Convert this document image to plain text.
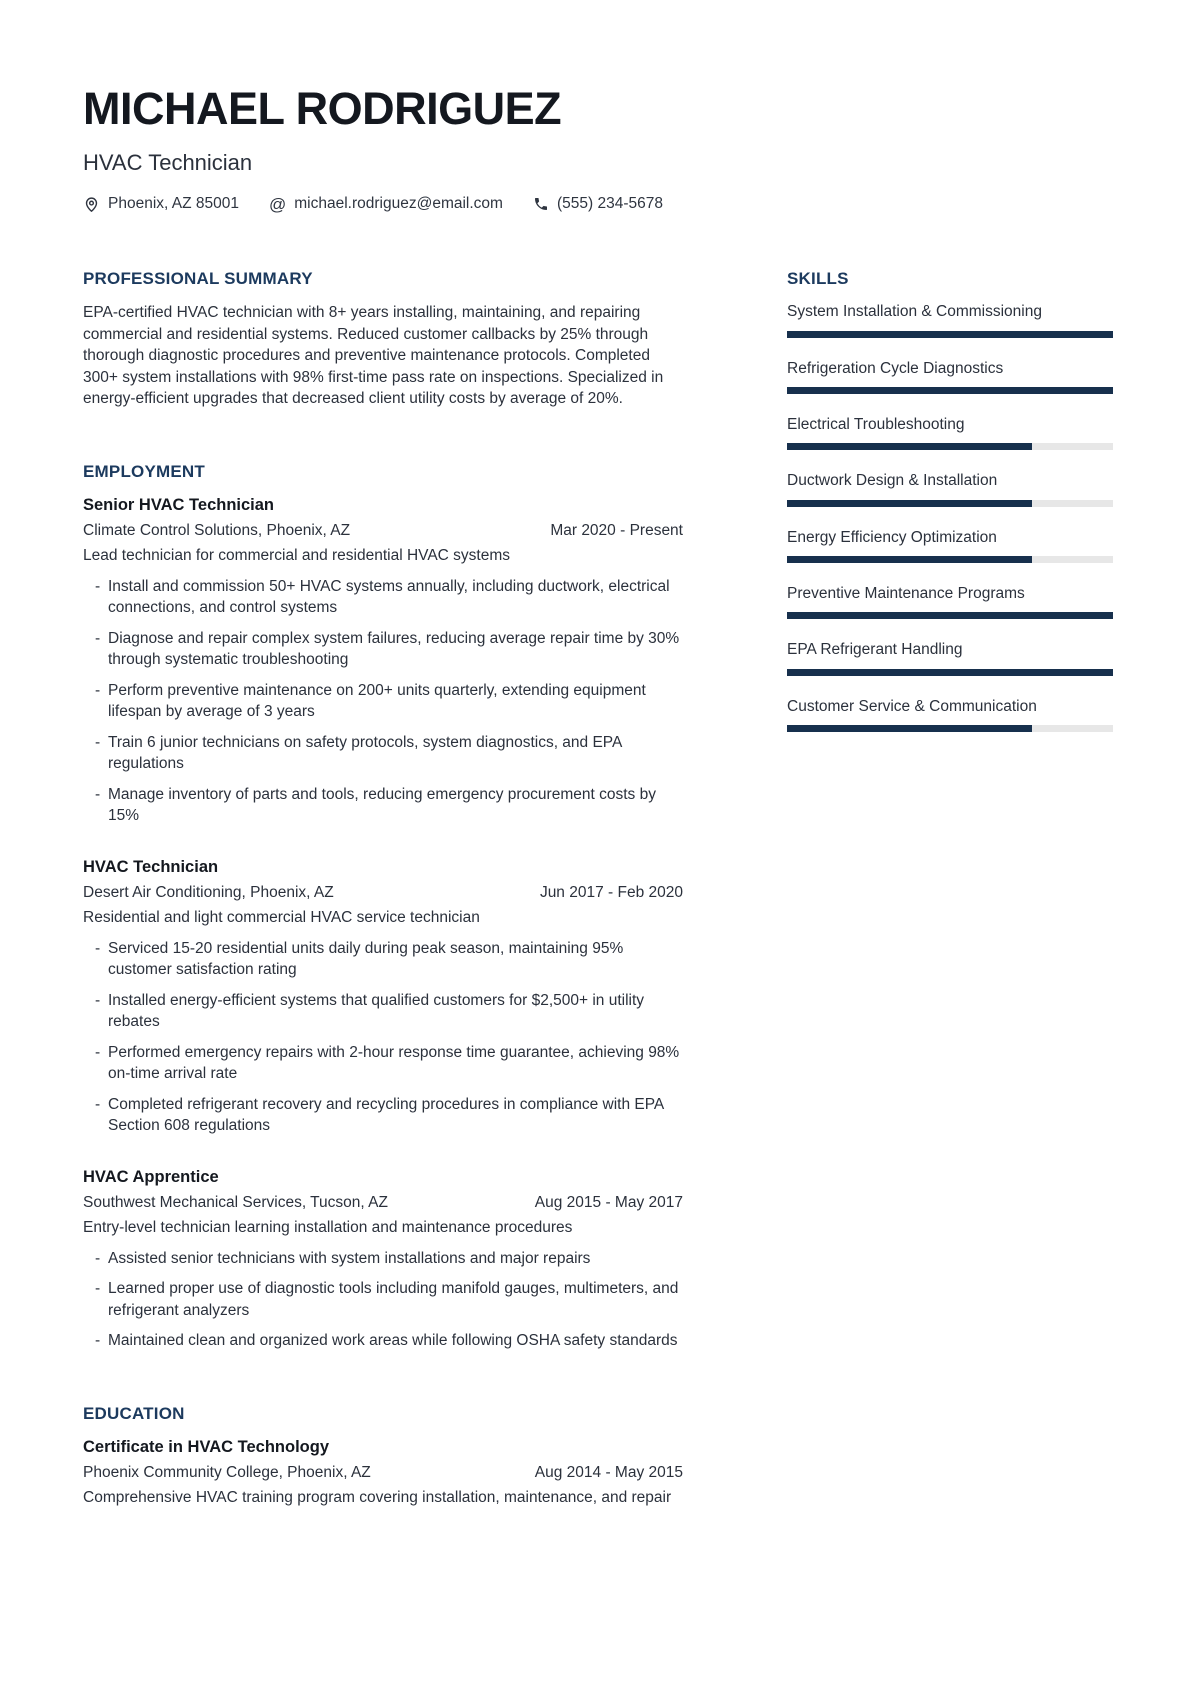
MICHAEL RODRIGUEZ
HVAC Technician
Phoenix, AZ 85001 @ michael.rodriguez@email.com	(555) 234-5678
PROFESSIONAL SUMMARY

EPA-certified HVAC technician with 8+ years installing, maintaining, and repairing commercial and residential systems. Reduced customer callbacks by 25% through thorough diagnostic procedures and preventive maintenance protocols. Completed 300+ system installations with 98% first-time pass rate on inspections. Specialized in energy-efficient upgrades that decreased client utility costs by average of 20%.

EMPLOYMENT
Senior HVAC Technician
Climate Control Solutions, Phoenix, AZ	Mar 2020 - Present
Lead technician for commercial and residential HVAC systems
- Install and commission 50+ HVAC systems annually, including ductwork, electrical connections, and control systems
- Diagnose and repair complex system failures, reducing average repair time by 30% through systematic troubleshooting
- Perform preventive maintenance on 200+ units quarterly, extending equipment lifespan by average of 3 years
- Train 6 junior technicians on safety protocols, system diagnostics, and EPA regulations
- Manage inventory of parts and tools, reducing emergency procurement costs by 15%
HVAC Technician
Desert Air Conditioning, Phoenix, AZ	Jun 2017 - Feb 2020
Residential and light commercial HVAC service technician
- Serviced 15-20 residential units daily during peak season, maintaining 95% customer satisfaction rating
- Installed energy-efficient systems that qualified customers for $2,500+ in utility rebates
- Performed emergency repairs with 2-hour response time guarantee, achieving 98% on-time arrival rate
- Completed refrigerant recovery and recycling procedures in compliance with EPA Section 608 regulations
HVAC Apprentice
Southwest Mechanical Services, Tucson, AZ	Aug 2015 - May 2017
Entry-level technician learning installation and maintenance procedures
- Assisted senior technicians with system installations and major repairs
- Learned proper use of diagnostic tools including manifold gauges, multimeters, and refrigerant analyzers
- Maintained clean and organized work areas while following OSHA safety standards
EDUCATION
Certificate in HVAC Technology
Phoenix Community College, Phoenix, AZ	Aug 2014 - May 2015
Comprehensive HVAC training program covering installation, maintenance, and repair
SKILLS
System Installation & Commissioning
Refrigeration Cycle Diagnostics
Electrical Troubleshooting
Ductwork Design & Installation
Energy Efficiency Optimization
Preventive Maintenance Programs
EPA Refrigerant Handling
Customer Service & Communication
